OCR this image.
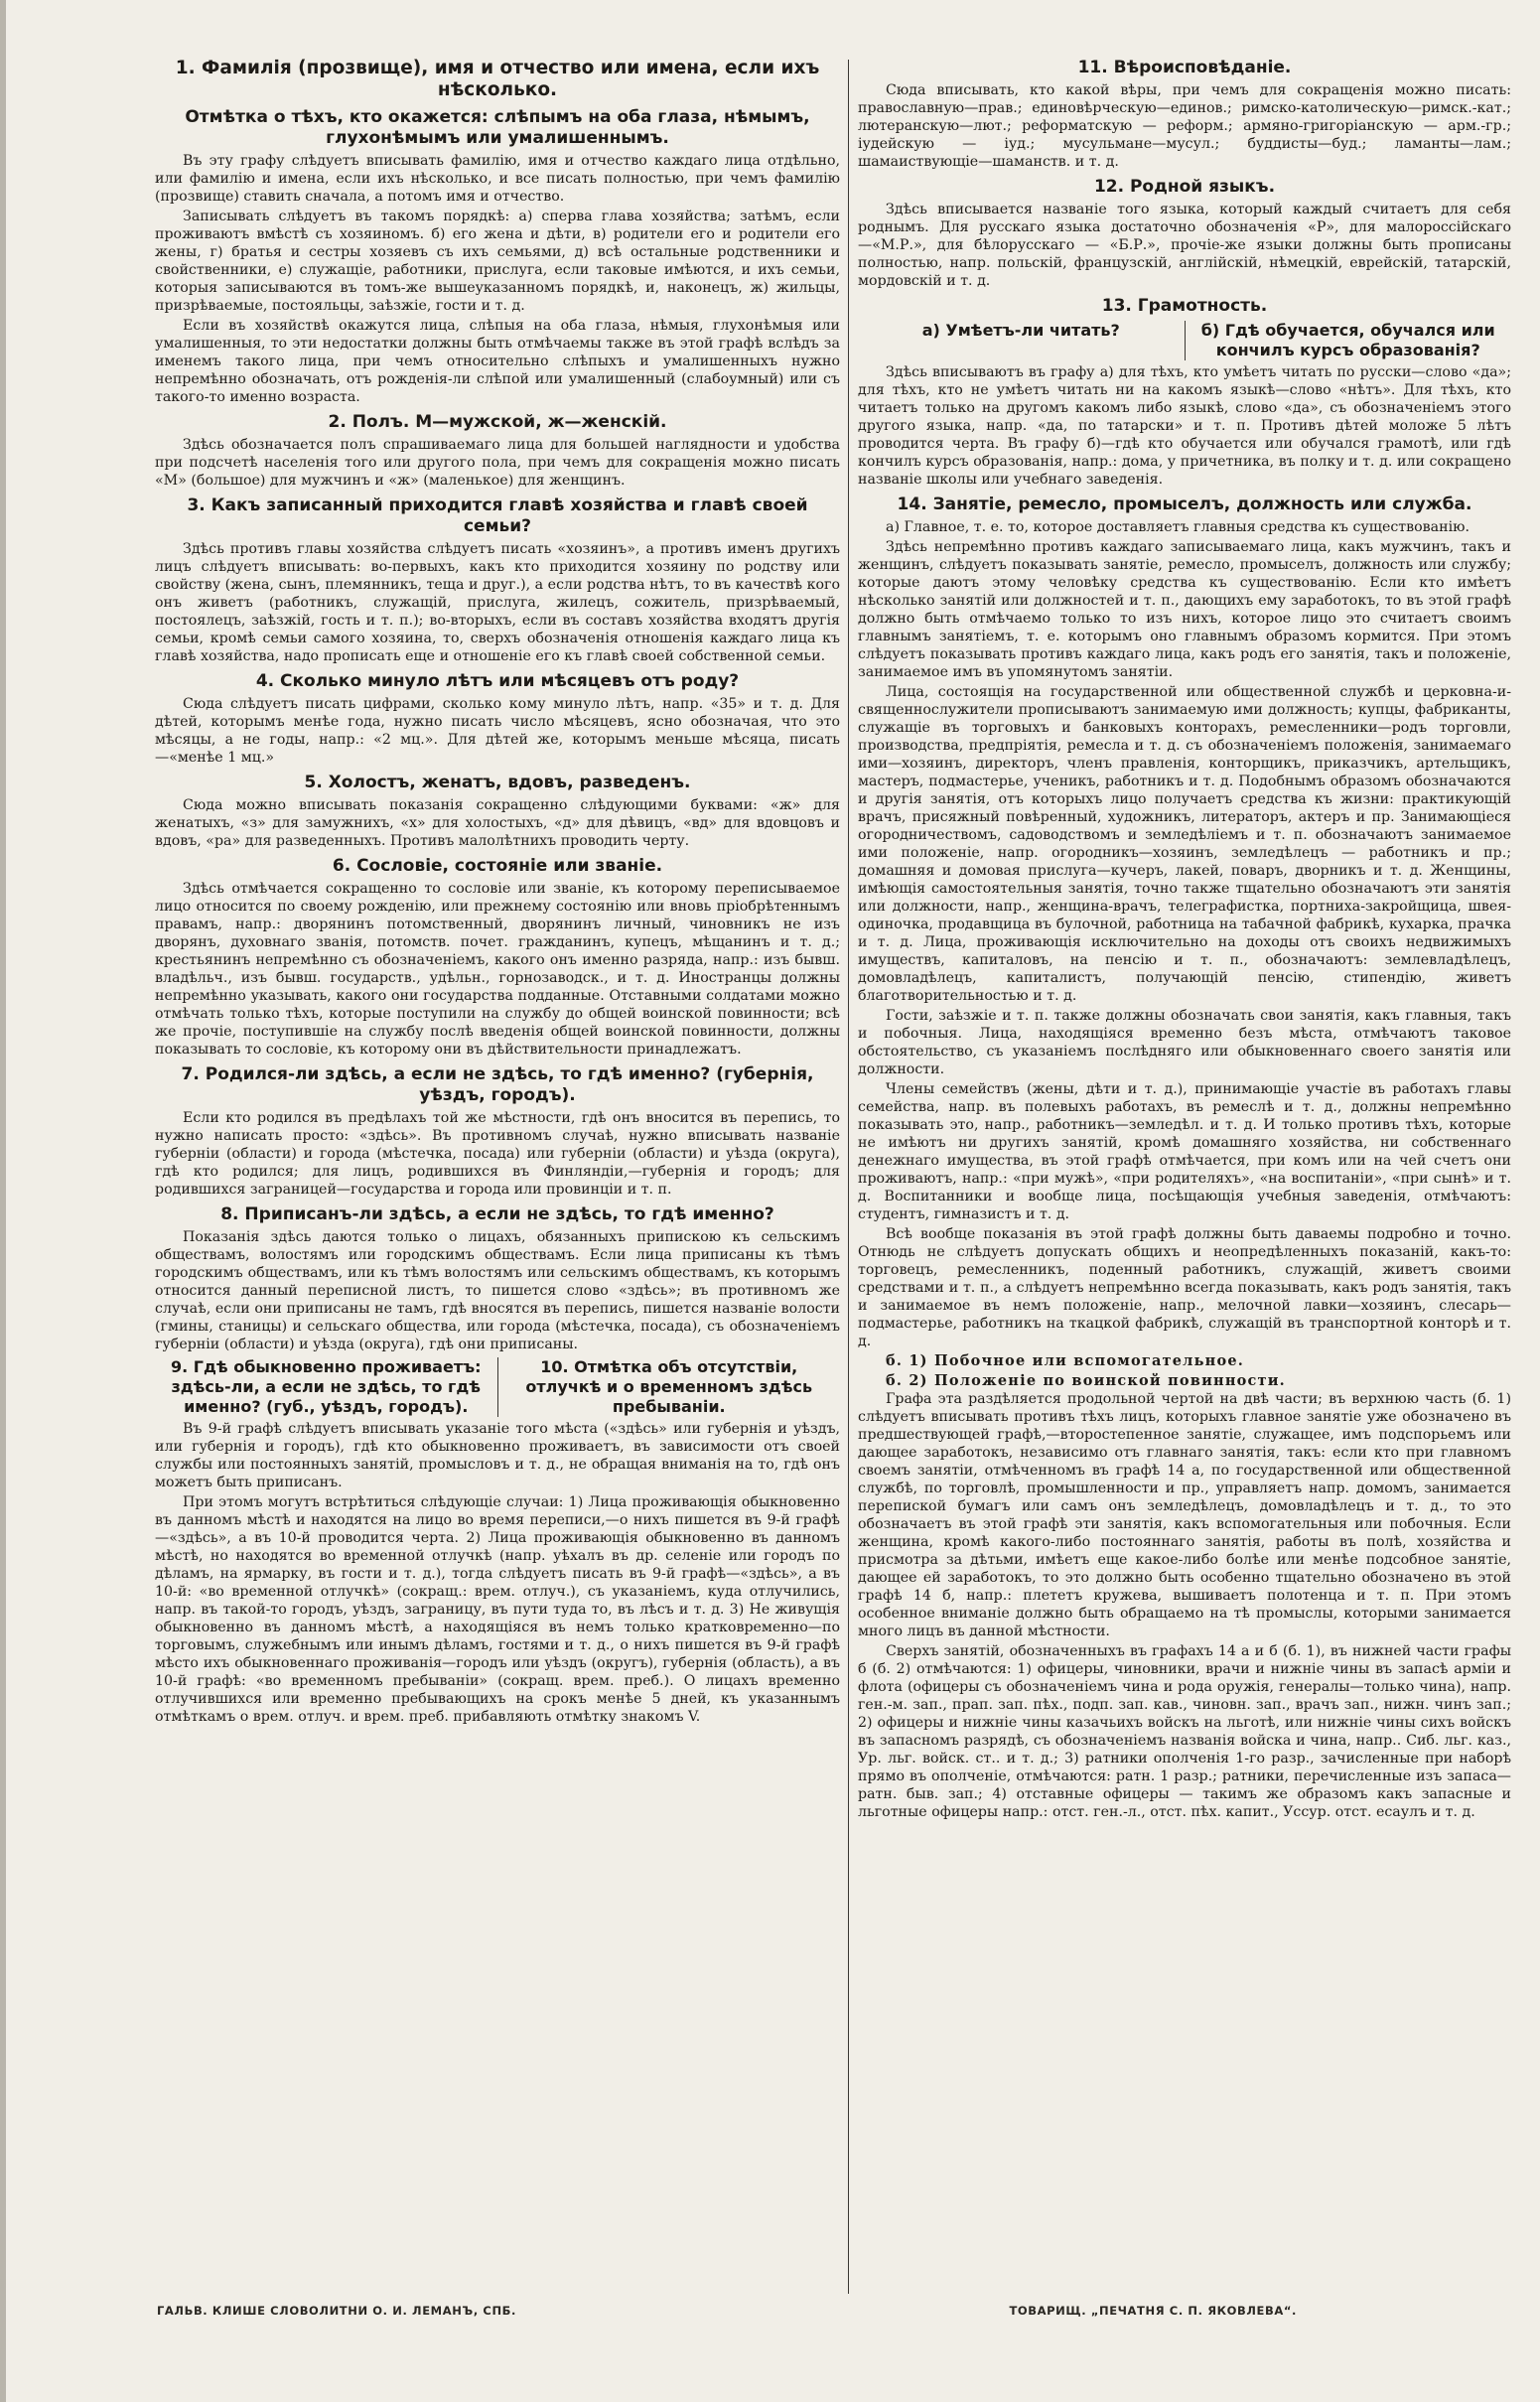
1. Фамилія (прозвище), имя и отчество или имена, если ихъ нѣсколько.
Отмѣтка о тѣхъ, кто окажется: слѣпымъ на оба глаза, нѣмымъ, глухонѣмымъ или умалишеннымъ.

Въ эту графу слѣдуетъ вписывать фамилію, имя и отчество каждаго лица отдѣльно, или фамилію и имена, если ихъ нѣсколько, и все писать полностью, при чемъ фамилію (прозвище) ставить сначала, а потомъ имя и отчество.

Записывать слѣдуетъ въ такомъ порядкѣ: а) сперва глава хозяйства; затѣмъ, если проживаютъ вмѣстѣ съ хозяиномъ. б) его жена и дѣти, в) родители его и родители его жены, г) братья и сестры хозяевъ съ ихъ семьями, д) всѣ остальные родственники и свойственники, е) служащіе, работники, прислуга, если таковые имѣются, и ихъ семьи, которыя записываются въ томъ-же вышеуказанномъ порядкѣ, и, наконецъ, ж) жильцы, призрѣваемые, постояльцы, заѣзжіе, гости и т. д.

Если въ хозяйствѣ окажутся лица, слѣпыя на оба глаза, нѣмыя, глухонѣмыя или умалишенныя, то эти недостатки должны быть отмѣчаемы также въ этой графѣ вслѣдъ за именемъ такого лица, при чемъ относительно слѣпыхъ и умалишенныхъ нужно непремѣнно обозначать, отъ рожденія-ли слѣпой или умалишенный (слабоумный) или съ такого-то именно возраста.

2. Полъ. М—мужской, ж—женскій.

Здѣсь обозначается полъ спрашиваемаго лица для большей наглядности и удобства при подсчетѣ населенія того или другого пола, при чемъ для сокращенія можно писать «М» (большое) для мужчинъ и «ж» (маленькое) для женщинъ.

3. Какъ записанный приходится главѣ хозяйства и главѣ своей семьи?

Здѣсь противъ главы хозяйства слѣдуетъ писать «хозяинъ», а противъ именъ другихъ лицъ слѣдуетъ вписывать: во-первыхъ, какъ кто приходится хозяину по родству или свойству (жена, сынъ, племянникъ, теща и друг.), а если родства нѣтъ, то въ качествѣ кого онъ живетъ (работникъ, служащій, прислуга, жилецъ, сожитель, призрѣваемый, постоялецъ, заѣзжій, гость и т. п.); во-вторыхъ, если въ составъ хозяйства входятъ другія семьи, кромѣ семьи самого хозяина, то, сверхъ обозначенія отношенія каждаго лица къ главѣ хозяйства, надо прописать еще и отношеніе его къ главѣ своей собственной семьи.

4. Сколько минуло лѣтъ или мѣсяцевъ отъ роду?

Сюда слѣдуетъ писать цифрами, сколько кому минуло лѣтъ, напр. «35» и т. д. Для дѣтей, которымъ менѣе года, нужно писать число мѣсяцевъ, ясно обозначая, что это мѣсяцы, а не годы, напр.: «2 мц.». Для дѣтей же, которымъ меньше мѣсяца, писать—«менѣе 1 мц.»

5. Холостъ, женатъ, вдовъ, разведенъ.

Сюда можно вписывать показанія сокращенно слѣдующими буквами: «ж» для женатыхъ, «з» для замужнихъ, «х» для холостыхъ, «д» для дѣвицъ, «вд» для вдовцовъ и вдовъ, «ра» для разведенныхъ. Противъ малолѣтнихъ проводить черту.

6. Сословіе, состояніе или званіе.

Здѣсь отмѣчается сокращенно то сословіе или званіе, къ которому переписываемое лицо относится по своему рожденію, или прежнему состоянію или вновь пріобрѣтеннымъ правамъ, напр.: дворянинъ потомственный, дворянинъ личный, чиновникъ не изъ дворянъ, духовнаго званія, потомств. почет. гражданинъ, купецъ, мѣщанинъ и т. д.; крестьянинъ непремѣнно съ обозначеніемъ, какого онъ именно разряда, напр.: изъ бывш. владѣльч., изъ бывш. государств., удѣльн., горнозаводск., и т. д. Иностранцы должны непремѣнно указывать, какого они государства подданные. Отставными солдатами можно отмѣчать только тѣхъ, которые поступили на службу до общей воинской повинности; всѣ же прочіе, поступившіе на службу послѣ введенія общей воинской повинности, должны показывать то сословіе, къ которому они въ дѣйствительности принадлежатъ.

7. Родился-ли здѣсь, а если не здѣсь, то гдѣ именно? (губернія, уѣздъ, городъ).

Если кто родился въ предѣлахъ той же мѣстности, гдѣ онъ вносится въ перепись, то нужно написать просто: «здѣсь». Въ противномъ случаѣ, нужно вписывать названіе губерніи (области) и города (мѣстечка, посада) или губерніи (области) и уѣзда (округа), гдѣ кто родился; для лицъ, родившихся въ Финляндіи,—губернія и городъ; для родившихся заграницей—государства и города или провинціи и т. п.

8. Приписанъ-ли здѣсь, а если не здѣсь, то гдѣ именно?

Показанія здѣсь даются только о лицахъ, обязанныхъ припискою къ сельскимъ обществамъ, волостямъ или городскимъ обществамъ. Если лица приписаны къ тѣмъ городскимъ обществамъ, или къ тѣмъ волостямъ или сельскимъ обществамъ, къ которымъ относится данный переписной листъ, то пишется слово «здѣсь»; въ противномъ же случаѣ, если они приписаны не тамъ, гдѣ вносятся въ перепись, пишется названіе волости (гмины, станицы) и сельскаго общества, или города (мѣстечка, посада), съ обозначеніемъ губерніи (области) и уѣзда (округа), гдѣ они приписаны.

9. Гдѣ обыкновенно проживаетъ: здѣсь-ли, а если не здѣсь, то гдѣ именно? (губ., уѣздъ, городъ).
10. Отмѣтка объ отсутствіи, отлучкѣ и о временномъ здѣсь пребываніи.

Въ 9-й графѣ слѣдуетъ вписывать указаніе того мѣста («здѣсь» или губернія и уѣздъ, или губернія и городъ), гдѣ кто обыкновенно проживаетъ, въ зависимости отъ своей службы или постоянныхъ занятій, промысловъ и т. д., не обращая вниманія на то, гдѣ онъ можетъ быть приписанъ.

При этомъ могутъ встрѣтиться слѣдующіе случаи: 1) Лица проживающія обыкновенно въ данномъ мѣстѣ и находятся на лицо во время переписи,—о нихъ пишется въ 9-й графѣ—«здѣсь», а въ 10-й проводится черта. 2) Лица проживающія обыкновенно въ данномъ мѣстѣ, но находятся во временной отлучкѣ (напр. уѣхалъ въ др. селеніе или городъ по дѣламъ, на ярмарку, въ гости и т. д.), тогда слѣдуетъ писать въ 9-й графѣ—«здѣсь», а въ 10-й: «во временной отлучкѣ» (сокращ.: врем. отлуч.), съ указаніемъ, куда отлучились, напр. въ такой-то городъ, уѣздъ, заграницу, въ пути туда то, въ лѣсъ и т. д. 3) Не живущія обыкновенно въ данномъ мѣстѣ, а находящіяся въ немъ только кратковременно—по торговымъ, служебнымъ или инымъ дѣламъ, гостями и т. д., о нихъ пишется въ 9-й графѣ мѣсто ихъ обыкновеннаго проживанія—городъ или уѣздъ (округъ), губернія (область), а въ 10-й графѣ: «во временномъ пребываніи» (сокращ. врем. преб.). О лицахъ временно отлучившихся или временно пребывающихъ на срокъ менѣе 5 дней, къ указаннымъ отмѣткамъ о врем. отлуч. и врем. преб. прибавляють отмѣтку знакомъ V.

11. Вѣроисповѣданіе.

Сюда вписывать, кто какой вѣры, при чемъ для сокращенія можно писать: православную—прав.; единовѣрческую—единов.; римско-католическую—римск.-кат.; лютеранскую—лют.; реформатскую — реформ.; армяно-григоріанскую — арм.-гр.; іудейскую — іуд.; мусульмане—мусул.; буддисты—буд.; ламанты—лам.; шамаиствующіе—шаманств. и т. д.

12. Родной языкъ.

Здѣсь вписывается названіе того языка, который каждый считаетъ для себя роднымъ. Для русскаго языка достаточно обозначенія «Р», для малороссійскаго—«М.Р.», для бѣлорусскаго — «Б.Р.», прочіе-же языки должны быть прописаны полностью, напр. польскій, французскій, англійскій, нѣмецкій, еврейскій, татарскій, мордовскій и т. д.

13. Грамотность.
а) Умѣетъ-ли читать?	б) Гдѣ обучается, обучался или кончилъ курсъ образованія?

Здѣсь вписываютъ въ графу а) для тѣхъ, кто умѣетъ читать по русски—слово «да»; для тѣхъ, кто не умѣетъ читать ни на какомъ языкѣ—слово «нѣтъ». Для тѣхъ, кто читаетъ только на другомъ какомъ либо языкѣ, слово «да», съ обозначеніемъ этого другого языка, напр. «да, по татарски» и т. п. Противъ дѣтей моложе 5 лѣтъ проводится черта. Въ графу б)—гдѣ кто обучается или обучался грамотѣ, или гдѣ кончилъ курсъ образованія, напр.: дома, у причетника, въ полку и т. д. или сокращено названіе школы или учебнаго заведенія.

14. Занятіе, ремесло, промыселъ, должность или служба.

а) Главное, т. е. то, которое доставляетъ главныя средства къ существованію.

Здѣсь непремѣнно противъ каждаго записываемаго лица, какъ мужчинъ, такъ и женщинъ, слѣдуетъ показывать занятіе, ремесло, промыселъ, должность или службу; которые даютъ этому человѣку средства къ существованію. Если кто имѣетъ нѣсколько занятій или должностей и т. п., дающихъ ему заработокъ, то въ этой графѣ должно быть отмѣчаемо только то изъ нихъ, которое лицо это считаетъ своимъ главнымъ занятіемъ, т. е. которымъ оно главнымъ образомъ кормится. При этомъ слѣдуетъ показывать противъ каждаго лица, какъ родъ его занятія, такъ и положеніе, занимаемое имъ въ упомянутомъ занятіи.

Лица, состоящія на государственной или общественной службѣ и церковна-и-священнослужители прописываютъ занимаемую ими должность; купцы, фабриканты, служащіе въ торговыхъ и банковыхъ конторахъ, ремесленники—родъ торговли, производства, предпріятія, ремесла и т. д. съ обозначеніемъ положенія, занимаемаго ими—хозяинъ, директоръ, членъ правленія, конторщикъ, приказчикъ, артельщикъ, мастеръ, подмастерье, ученикъ, работникъ и т. д. Подобнымъ образомъ обозначаются и другія занятія, отъ которыхъ лицо получаетъ средства къ жизни: практикующій врачъ, присяжный повѣренный, художникъ, литераторъ, актеръ и пр. Занимающіеся огородничествомъ, садоводствомъ и земледѣліемъ и т. п. обозначаютъ занимаемое ими положеніе, напр. огородникъ—хозяинъ, земледѣлецъ — работникъ и пр.; домашняя и домовая прислуга—кучеръ, лакей, поваръ, дворникъ и т. д. Женщины, имѣющія самостоятельныя занятія, точно также тщательно обозначаютъ эти занятія или должности, напр., женщина-врачъ, телеграфистка, портниха-закройщица, швея-одиночка, продавщица въ булочной, работница на табачной фабрикѣ, кухарка, прачка и т. д. Лица, проживающія исключительно на доходы отъ своихъ недвижимыхъ имуществъ, капиталовъ, на пенсію и т. п., обозначаютъ: землевладѣлецъ, домовладѣлецъ, капиталистъ, получающій пенсію, стипендію, живетъ благотворительностью и т. д.

Гости, заѣзжіе и т. п. также должны обозначать свои занятія, какъ главныя, такъ и побочныя. Лица, находящіяся временно безъ мѣста, отмѣчаютъ таковое обстоятельство, съ указаніемъ послѣдняго или обыкновеннаго своего занятія или должности.

Члены семействъ (жены, дѣти и т. д.), принимающіе участіе въ работахъ главы семейства, напр. въ полевыхъ работахъ, въ ремеслѣ и т. д., должны непремѣнно показывать это, напр., работникъ—земледѣл. и т. д. И только противъ тѣхъ, которые не имѣютъ ни другихъ занятій, кромѣ домашняго хозяйства, ни собственнаго денежнаго имущества, въ этой графѣ отмѣчается, при комъ или на чей счетъ они проживаютъ, напр.: «при мужѣ», «при родителяхъ», «на воспитаніи», «при сынѣ» и т. д. Воспитанники и вообще лица, посѣщающія учебныя заведенія, отмѣчаютъ: студентъ, гимназистъ и т. д.

Всѣ вообще показанія въ этой графѣ должны быть даваемы подробно и точно. Отнюдь не слѣдуетъ допускать общихъ и неопредѣленныхъ показаній, какъ-то: торговецъ, ремесленникъ, поденный работникъ, служащій, живетъ своими средствами и т. п., а слѣдуетъ непремѣнно всегда показывать, какъ родъ занятія, такъ и занимаемое въ немъ положеніе, напр., мелочной лавки—хозяинъ, слесарь—подмастерье, работникъ на ткацкой фабрикѣ, служащій въ транспортной конторѣ и т. д.

б. 1) Побочное или вспомогательное.
б. 2) Положеніе по воинской повинности.

Графа эта раздѣляется продольной чертой на двѣ части; въ верхнюю часть (б. 1) слѣдуетъ вписывать противъ тѣхъ лицъ, которыхъ главное занятіе уже обозначено въ предшествующей графѣ,—второстепенное занятіе, служащее, имъ подспорьемъ или дающее заработокъ, независимо отъ главнаго занятія, такъ: если кто при главномъ своемъ занятіи, отмѣченномъ въ графѣ 14 а, по государственной или общественной службѣ, по торговлѣ, промышленности и пр., управляетъ напр. домомъ, занимается перепиской бумагъ или самъ онъ земледѣлецъ, домовладѣлецъ и т. д., то это обозначаетъ въ этой графѣ эти занятія, какъ вспомогательныя или побочныя. Если женщина, кромѣ какого-либо постояннаго занятія, работы въ полѣ, хозяйства и присмотра за дѣтьми, имѣетъ еще какое-либо болѣе или менѣе подсобное занятіе, дающее ей заработокъ, то это должно быть особенно тщательно обозначено въ этой графѣ 14 б, напр.: плететъ кружева, вышиваетъ полотенца и т. п. При этомъ особенное вниманіе должно быть обращаемо на тѣ промыслы, которыми занимается много лицъ въ данной мѣстности.

Сверхъ занятій, обозначенныхъ въ графахъ 14 а и б (б. 1), въ нижней части графы б (б. 2) отмѣчаются: 1) офицеры, чиновники, врачи и нижніе чины въ запасѣ арміи и флота (офицеры съ обозначеніемъ чина и рода оружія, генералы—только чина), напр. ген.-м. зап., прап. зап. пѣх., подп. зап. кав., чиновн. зап., врачъ зап., нижн. чинъ зап.; 2) офицеры и нижніе чины казачьихъ войскъ на льготѣ, или нижніе чины сихъ войскъ въ запасномъ разрядѣ, съ обозначеніемъ названія войска и чина, напр.. Сиб. льг. каз., Ур. льг. войск. ст.. и т. д.; 3) ратники ополченія 1-го разр., зачисленные при наборѣ прямо въ ополченіе, отмѣчаются: ратн. 1 разр.; ратники, перечисленные изъ запаса—ратн. быв. зап.; 4) отставные офицеры — такимъ же образомъ какъ запасные и льготные офицеры напр.: отст. ген.-л., отст. пѣх. капит., Уссур. отст. есаулъ и т. д.

ГАЛЬВ. КЛИШЕ СЛОВОЛИТНИ О. И. ЛЕМАНЪ, СПБ.	ТОВАРИЩ. „ПЕЧАТНЯ С. П. ЯКОВЛЕВА“.
